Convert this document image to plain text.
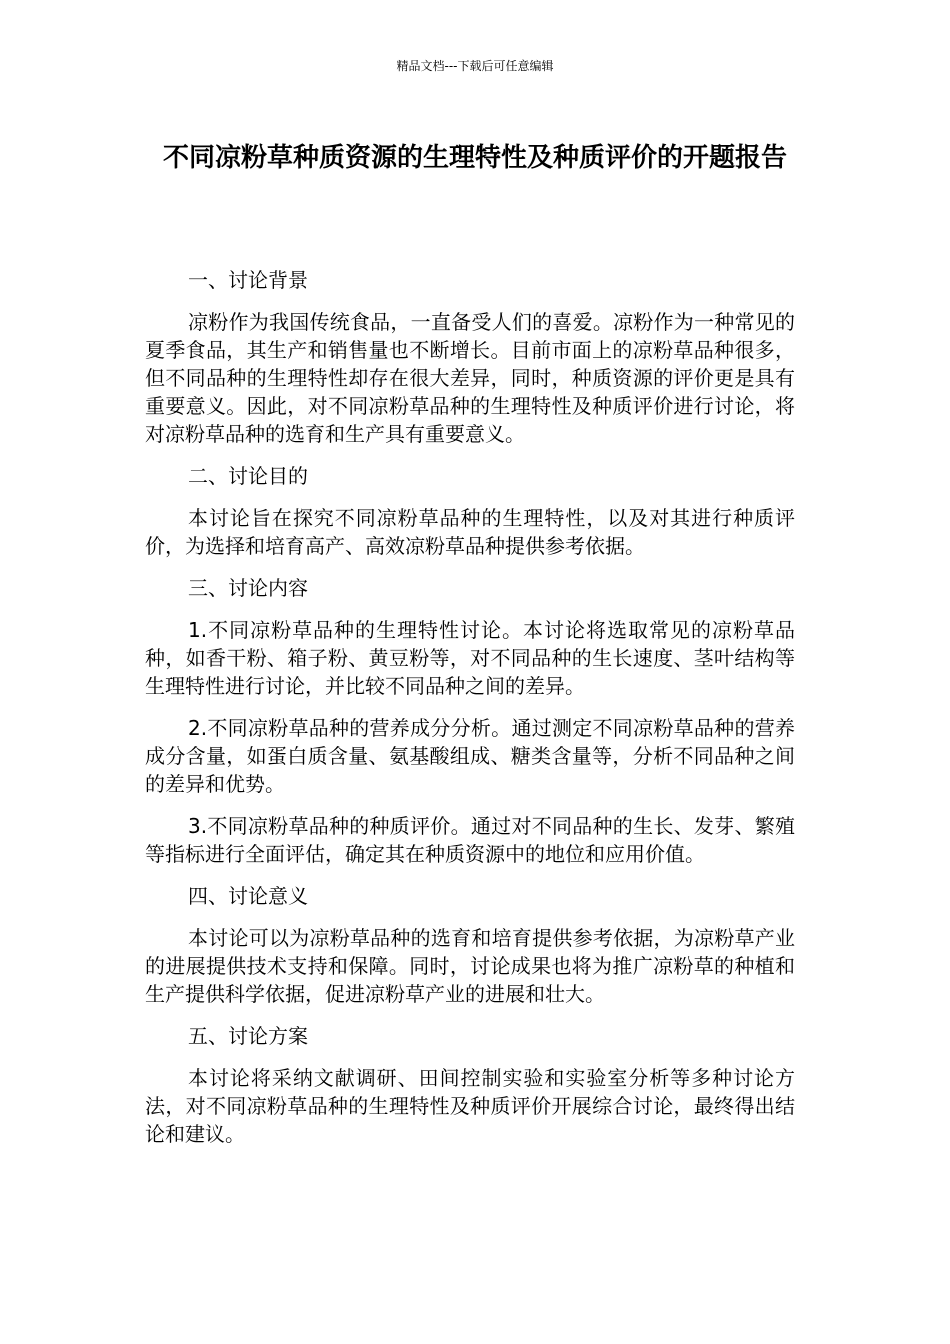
精品文档---下载后可任意编辑
不同凉粉草种质资源的生理特性及种质评价的开题报告

一、讨论背景

凉粉作为我国传统食品，一直备受人们的喜爱。凉粉作为一种常见的夏季食品，其生产和销售量也不断增长。目前市面上的凉粉草品种很多，但不同品种的生理特性却存在很大差异，同时，种质资源的评价更是具有重要意义。因此，对不同凉粉草品种的生理特性及种质评价进行讨论，将对凉粉草品种的选育和生产具有重要意义。

二、讨论目的

本讨论旨在探究不同凉粉草品种的生理特性，以及对其进行种质评价，为选择和培育高产、高效凉粉草品种提供参考依据。

三、讨论内容

1.不同凉粉草品种的生理特性讨论。本讨论将选取常见的凉粉草品种，如香干粉、箱子粉、黄豆粉等，对不同品种的生长速度、茎叶结构等生理特性进行讨论，并比较不同品种之间的差异。

2.不同凉粉草品种的营养成分分析。通过测定不同凉粉草品种的营养成分含量，如蛋白质含量、氨基酸组成、糖类含量等，分析不同品种之间的差异和优势。

3.不同凉粉草品种的种质评价。通过对不同品种的生长、发芽、繁殖等指标进行全面评估，确定其在种质资源中的地位和应用价值。

四、讨论意义

本讨论可以为凉粉草品种的选育和培育提供参考依据，为凉粉草产业的进展提供技术支持和保障。同时，讨论成果也将为推广凉粉草的种植和生产提供科学依据，促进凉粉草产业的进展和壮大。

五、讨论方案

本讨论将采纳文献调研、田间控制实验和实验室分析等多种讨论方法，对不同凉粉草品种的生理特性及种质评价开展综合讨论，最终得出结论和建议。
